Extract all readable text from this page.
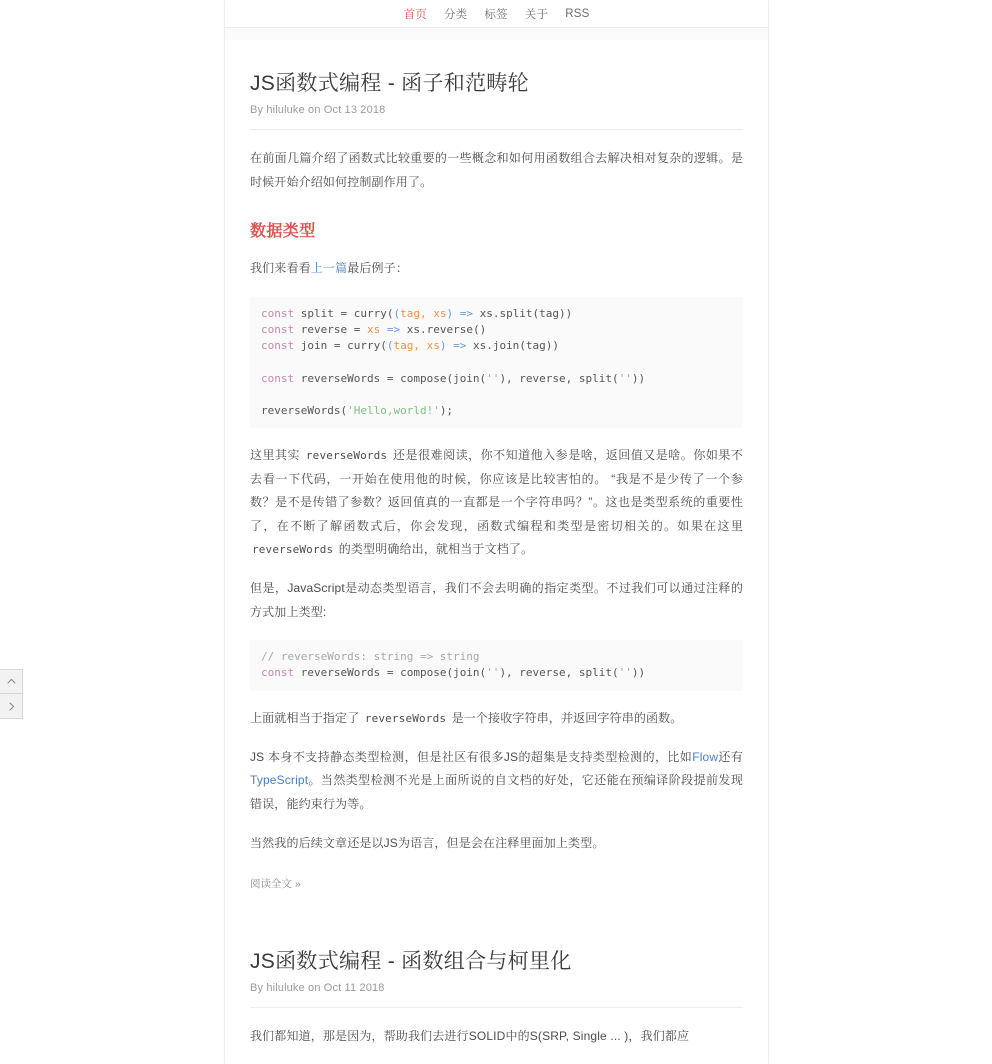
首页 分类 标签 关于 RSS
JS函数式编程 - 函子和范畴轮
By hiluluke on Oct 13 2018

在前面几篇介绍了函数式比较重要的一些概念和如何用函数组合去解决相对复杂的逻辑。是时候开始介绍如何控制副作用了。

数据类型

我们来看看上一篇最后例子：

const split = curry((tag, xs) => xs.split(tag))
const reverse = xs => xs.reverse()
const join = curry((tag, xs) => xs.join(tag))

const reverseWords = compose(join(''), reverse, split(''))

reverseWords('Hello,world!');

这里其实 reverseWords 还是很难阅读，你不知道他入参是啥，返回值又是啥。你如果不去看一下代码，一开始在使用他的时候，你应该是比较害怕的。 “我是不是少传了一个参数？是不是传错了参数？返回值真的一直都是一个字符串吗？”。这也是类型系统的重要性了，在不断了解函数式后，你会发现，函数式编程和类型是密切相关的。如果在这里 reverseWords 的类型明确给出，就相当于文档了。

但是，JavaScript是动态类型语言，我们不会去明确的指定类型。不过我们可以通过注释的方式加上类型:

// reverseWords: string => string
const reverseWords = compose(join(''), reverse, split(''))

上面就相当于指定了 reverseWords 是一个接收字符串，并返回字符串的函数。

JS 本身不支持静态类型检测，但是社区有很多JS的超集是支持类型检测的，比如Flow还有TypeScript。当然类型检测不光是上面所说的自文档的好处，它还能在预编译阶段提前发现错误，能约束行为等。

当然我的后续文章还是以JS为语言，但是会在注释里面加上类型。

阅读全文 »
JS函数式编程 - 函数组合与柯里化
By hiluluke on Oct 11 2018

我们都知道，那是因为，帮助我们去进行SOLID中的S(SRP, Single ... )，我们都应
